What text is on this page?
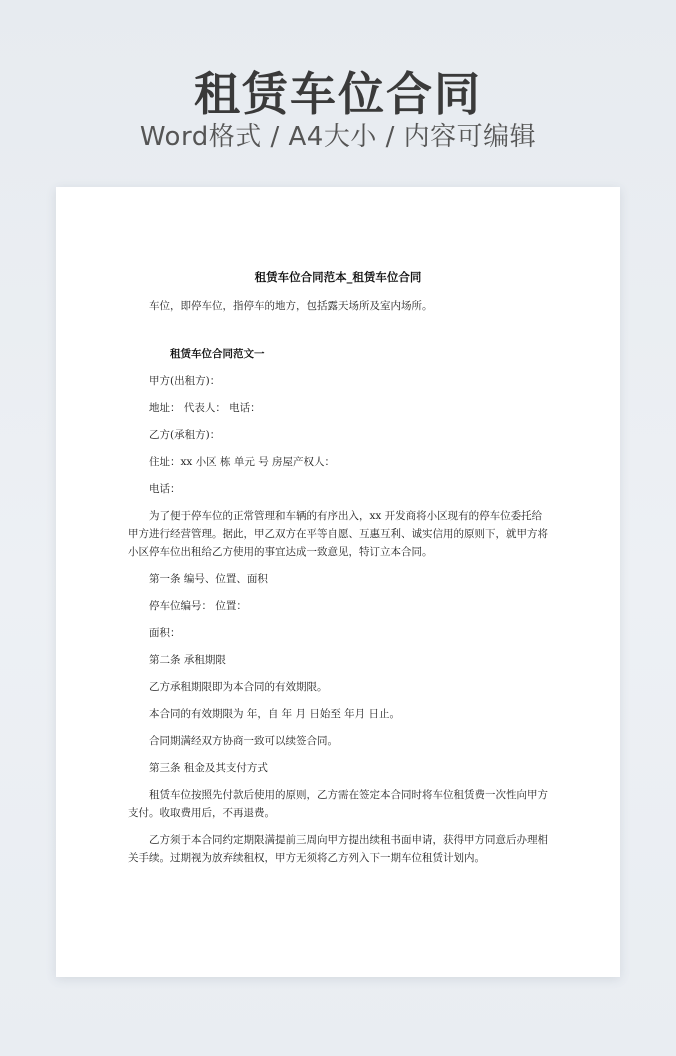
租赁车位合同
Word格式 / A4大小 / 内容可编辑
租赁车位合同范本_租赁车位合同

车位，即停车位，指停车的地方，包括露天场所及室内场所。

租赁车位合同范文一

甲方(出租方)：

地址： 代表人： 电话：

乙方(承租方)：

住址：xx 小区 栋 单元 号 房屋产权人：

电话：

为了便于停车位的正常管理和车辆的有序出入，xx 开发商将小区现有的停车位委托给甲方进行经营管理。据此，甲乙双方在平等自愿、互惠互利、诚实信用的原则下，就甲方将小区停车位出租给乙方使用的事宜达成一致意见，特订立本合同。

第一条 编号、位置、面积

停车位编号： 位置：

面积：

第二条 承租期限

乙方承租期限即为本合同的有效期限。

本合同的有效期限为 年，自 年 月 日始至 年月 日止。

合同期满经双方协商一致可以续签合同。

第三条 租金及其支付方式

租赁车位按照先付款后使用的原则，乙方需在签定本合同时将车位租赁费一次性向甲方支付。收取费用后，不再退费。

乙方须于本合同约定期限满提前三周向甲方提出续租书面申请，获得甲方同意后办理相关手续。过期视为放弃续租权，甲方无须将乙方列入下一期车位租赁计划内。
